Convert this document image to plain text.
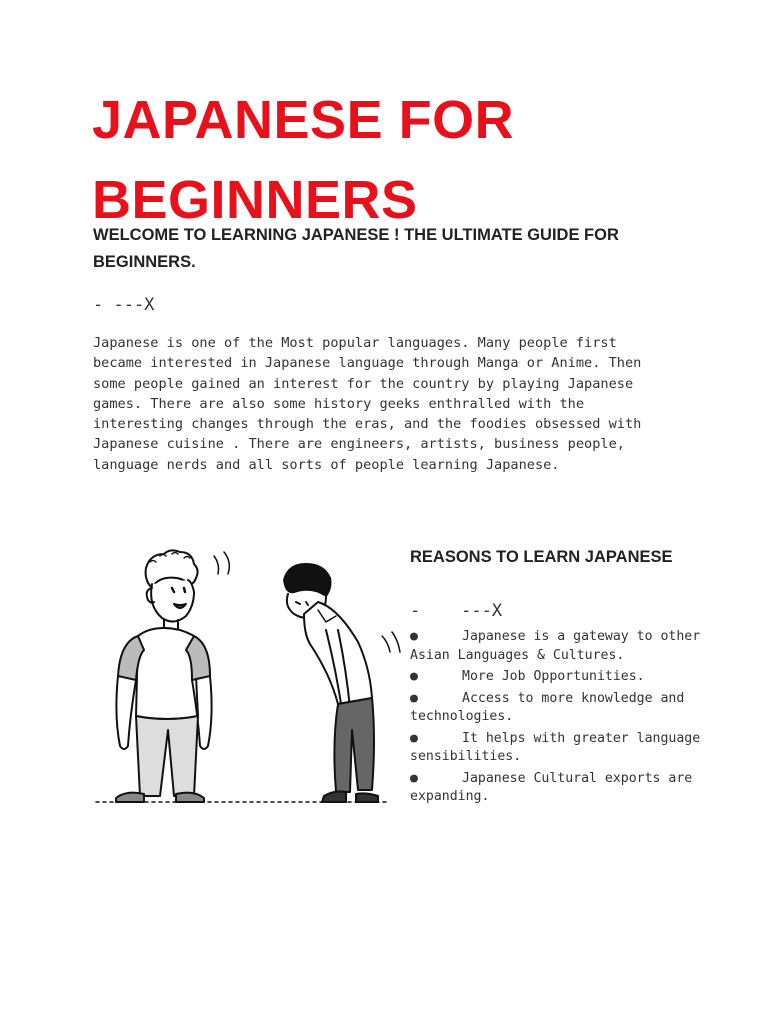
JAPANESE FOR
BEGINNERS

WELCOME TO LEARNING JAPANESE ! THE ULTIMATE GUIDE FOR BEGINNERS.

- ---X

Japanese is one of the Most popular languages. Many people first became interested in Japanese language through Manga or Anime. Then some people gained an interest for the country by playing Japanese games. There are also some history geeks enthralled with the interesting changes through the eras, and the foodies obsessed with Japanese cuisine . There are engineers, artists, business people, language nerds and all sorts of people learning Japanese.

REASONS TO LEARN JAPANESE

-    ---X

●	Japanese is a gateway to other Asian Languages & Cultures.
●	More Job Opportunities.
●	Access to more knowledge and technologies.
●	It helps with greater language sensibilities.
●	Japanese Cultural exports are expanding.
